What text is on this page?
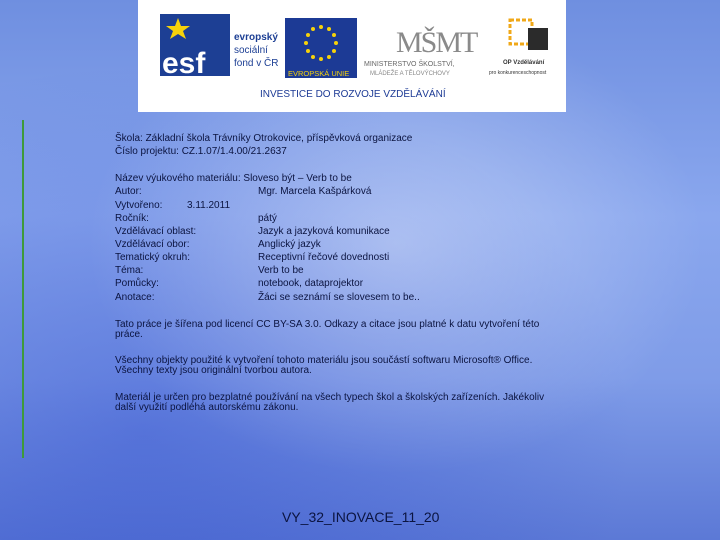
esf
evropský
sociální
fond v ČR
EVROPSKÁ UNIE
MŠMT
MINISTERSTVO ŠKOLSTVÍ,
MLÁDEŽE A TĚLOVÝCHOVY
OP Vzdělávání
pro konkurenceschopnost
INVESTICE DO ROZVOJE VZDĚLÁVÁNÍ
Škola: Základní škola Trávníky Otrokovice, příspěvková organizace
Číslo projektu: CZ.1.07/1.4.00/21.2637
Název výukového materiálu: Sloveso být – Verb to be
Autor:	Mgr. Marcela Kašpárková
Vytvořeno: 3.11.2011
Ročník:	pátý
Vzdělávací oblast:	Jazyk a jazyková komunikace
Vzdělávací obor:	Anglický jazyk
Tematický okruh:	Receptivní řečové dovednosti
Téma:	Verb to be
Pomůcky:	notebook, dataprojektor
Anotace:	Žáci se seznámí se slovesem to be..
Tato práce je šířena pod licencí CC BY-SA 3.0. Odkazy a citace jsou platné k datu vytvoření této
práce.
Všechny objekty použité k vytvoření tohoto materiálu jsou součástí softwaru Microsoft® Office.
Všechny texty jsou originální tvorbou autora.
Materiál je určen pro bezplatné používání na všech typech škol a školských zařízeních. Jakékoliv
další využití podléhá autorskému zákonu.
VY_32_INOVACE_11_20
